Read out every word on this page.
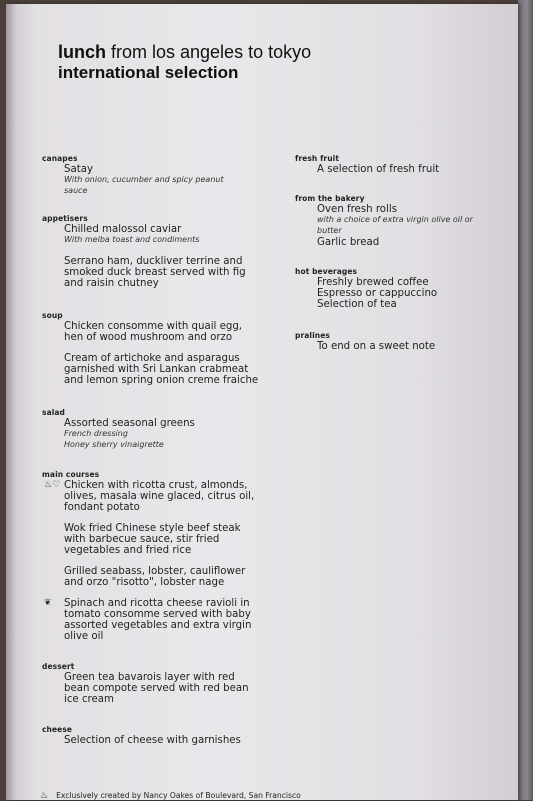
lunch from los angeles to tokyo
international selection
canapes
Satay
With onion, cucumber and spicy peanut
sauce
appetisers
Chilled malossol caviar
With melba toast and condiments
Serrano ham, duckliver terrine and
smoked duck breast served with fig
and raisin chutney
soup
Chicken consomme with quail egg,
hen of wood mushroom and orzo
Cream of artichoke and asparagus
garnished with Sri Lankan crabmeat
and lemon spring onion creme fraiche
salad
Assorted seasonal greens
French dressing
Honey sherry vinaigrette
main courses
♨♡ Chicken with ricotta crust, almonds,
olives, masala wine glaced, citrus oil,
fondant potato
Wok fried Chinese style beef steak
with barbecue sauce, stir fried
vegetables and fried rice
Grilled seabass, lobster, cauliflower
and orzo "risotto", lobster nage
❦ Spinach and ricotta cheese ravioli in
tomato consomme served with baby
assorted vegetables and extra virgin
olive oil
dessert
Green tea bavarois layer with red
bean compote served with red bean
ice cream
cheese
Selection of cheese with garnishes
fresh fruit
A selection of fresh fruit
from the bakery
Oven fresh rolls
with a choice of extra virgin olive oil or
butter
Garlic bread
hot beverages
Freshly brewed coffee
Espresso or cappuccino
Selection of tea
pralines
To end on a sweet note
♨ Exclusively created by Nancy Oakes of Boulevard, San Francisco
